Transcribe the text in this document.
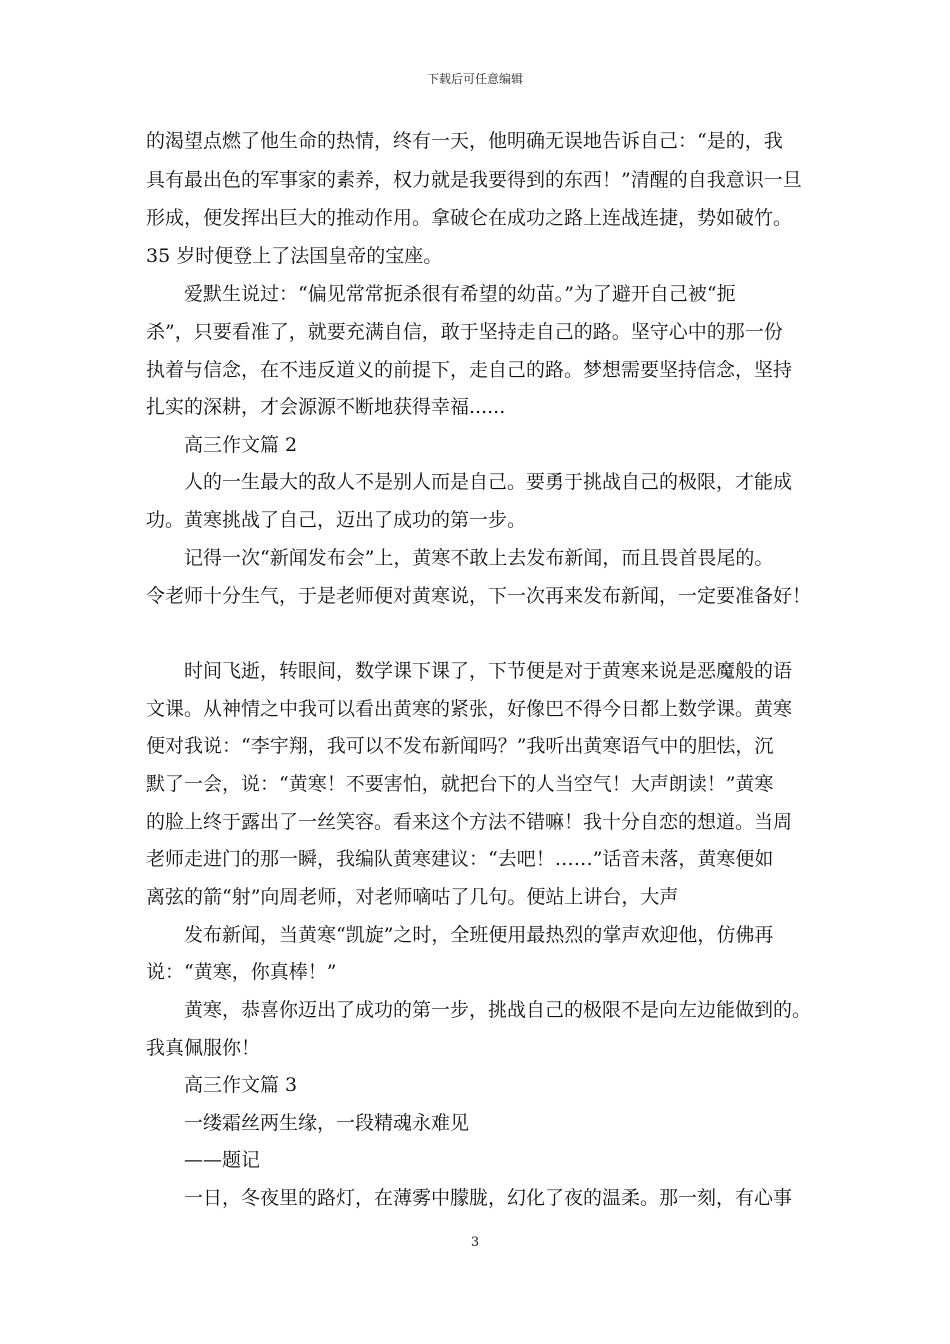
下载后可任意编辑
的渴望点燃了他生命的热情，终有一天，他明确无误地告诉自己：“是的，我
具有最出色的军事家的素养，权力就是我要得到的东西！”清醒的自我意识一旦
形成，便发挥出巨大的推动作用。拿破仑在成功之路上连战连捷，势如破竹。
35 岁时便登上了法国皇帝的宝座。
爱默生说过：“偏见常常扼杀很有希望的幼苗。”为了避开自己被“扼
杀”，只要看准了，就要充满自信，敢于坚持走自己的路。坚守心中的那一份
执着与信念，在不违反道义的前提下，走自己的路。梦想需要坚持信念，坚持
扎实的深耕，才会源源不断地获得幸福......
高三作文篇 2
人的一生最大的敌人不是别人而是自己。要勇于挑战自己的极限，才能成
功。黄寒挑战了自己，迈出了成功的第一步。
记得一次“新闻发布会”上，黄寒不敢上去发布新闻，而且畏首畏尾的。
令老师十分生气，于是老师便对黄寒说，下一次再来发布新闻，一定要准备好！
时间飞逝，转眼间，数学课下课了，下节便是对于黄寒来说是恶魔般的语
文课。从神情之中我可以看出黄寒的紧张，好像巴不得今日都上数学课。黄寒
便对我说：“李宇翔，我可以不发布新闻吗？”我听出黄寒语气中的胆怯，沉
默了一会，说：“黄寒！不要害怕，就把台下的人当空气！大声朗读！”黄寒
的脸上终于露出了一丝笑容。看来这个方法不错嘛！我十分自恋的想道。当周
老师走进门的那一瞬，我编队黄寒建议：“去吧！……”话音未落，黄寒便如
离弦的箭“射”向周老师，对老师嘀咕了几句。便站上讲台，大声
发布新闻，当黄寒“凯旋”之时，全班便用最热烈的掌声欢迎他，仿佛再
说：“黄寒，你真棒！”
黄寒，恭喜你迈出了成功的第一步，挑战自己的极限不是向左边能做到的。
我真佩服你！
高三作文篇 3
一缕霜丝两生缘，一段精魂永难见
——题记
一日，冬夜里的路灯，在薄雾中朦胧，幻化了夜的温柔。那一刻，有心事
3
